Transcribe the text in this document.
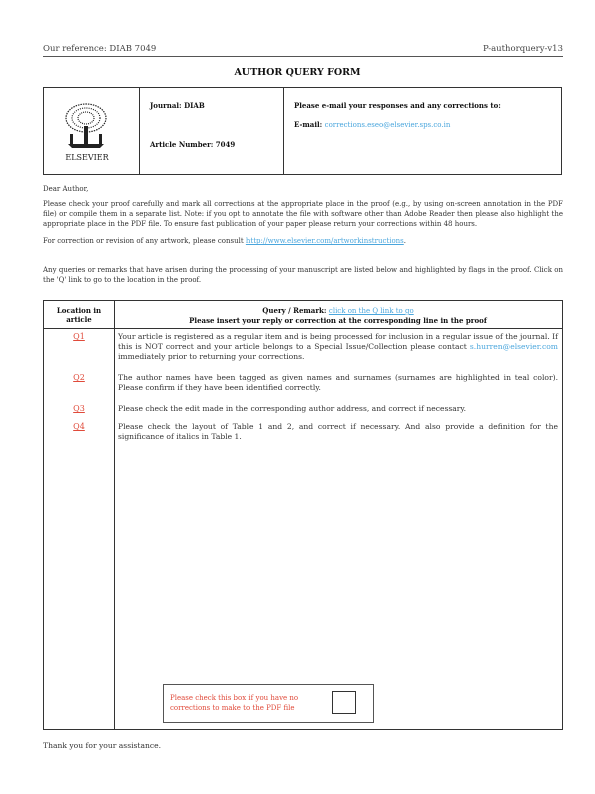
Our reference: DIAB 7049	P-authorquery-v13
AUTHOR QUERY FORM
ELSEVIER
Journal: DIAB
Article Number: 7049
Please e-mail your responses and any corrections to:
E-mail: corrections.eseo@elsevier.sps.co.in
Dear Author,
Please check your proof carefully and mark all corrections at the appropriate place in the proof (e.g., by using on-screen annotation in the PDF file) or compile them in a separate list. Note: if you opt to annotate the file with software other than Adobe Reader then please also highlight the appropriate place in the PDF file. To ensure fast publication of your paper please return your corrections within 48 hours.
For correction or revision of any artwork, please consult http://www.elsevier.com/artworkinstructions.
Any queries or remarks that have arisen during the processing of your manuscript are listed below and highlighted by flags in the proof. Click on the 'Q' link to go to the location in the proof.
Location in article
Query / Remark: click on the Q link to go
Please insert your reply or correction at the corresponding line in the proof
Q1	Your article is registered as a regular item and is being processed for inclusion in a regular issue of the journal. If this is NOT correct and your article belongs to a Special Issue/Collection please contact s.hurren@elsevier.com immediately prior to returning your corrections.
Q2	The author names have been tagged as given names and surnames (surnames are highlighted in teal color). Please confirm if they have been identified correctly.
Q3	Please check the edit made in the corresponding author address, and correct if necessary.
Q4	Please check the layout of Table 1 and 2, and correct if necessary. And also provide a definition for the significance of italics in Table 1.
Please check this box if you have no corrections to make to the PDF file
Thank you for your assistance.
